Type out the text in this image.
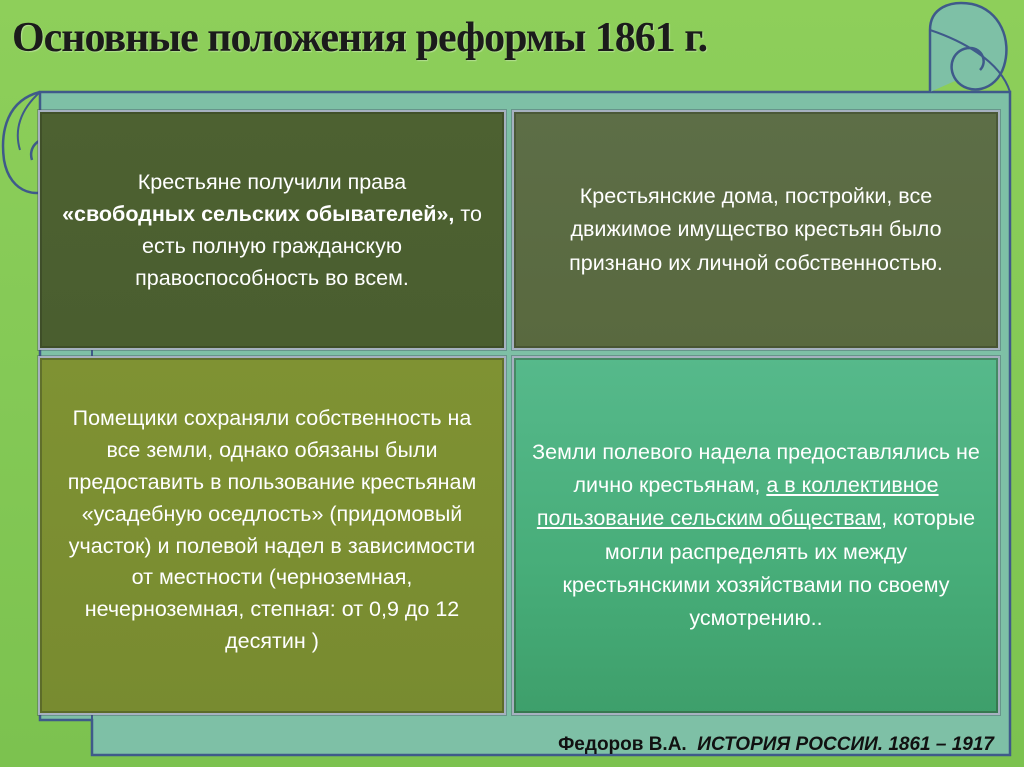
Основные положения реформы 1861 г.

Крестьяне получили права
«свободных сельских обывателей», то есть полную гражданскую правоспособность во всем.

Крестьянские дома, постройки, все движимое имущество крестьян было признано их личной собственностью.

Помещики сохраняли собственность на все земли, однако обязаны были предоставить в пользование крестьянам «усадебную оседлость» (придомовый участок) и полевой надел в зависимости от местности (черноземная, нечерноземная, степная: от 0,9 до 12 десятин )

Земли полевого надела предоставлялись не лично крестьянам, а в коллективное пользование сельским обществам, которые могли распределять их между крестьянскими хозяйствами по своему усмотрению..

Федоров В.А. ИСТОРИЯ РОССИИ. 1861 – 1917
